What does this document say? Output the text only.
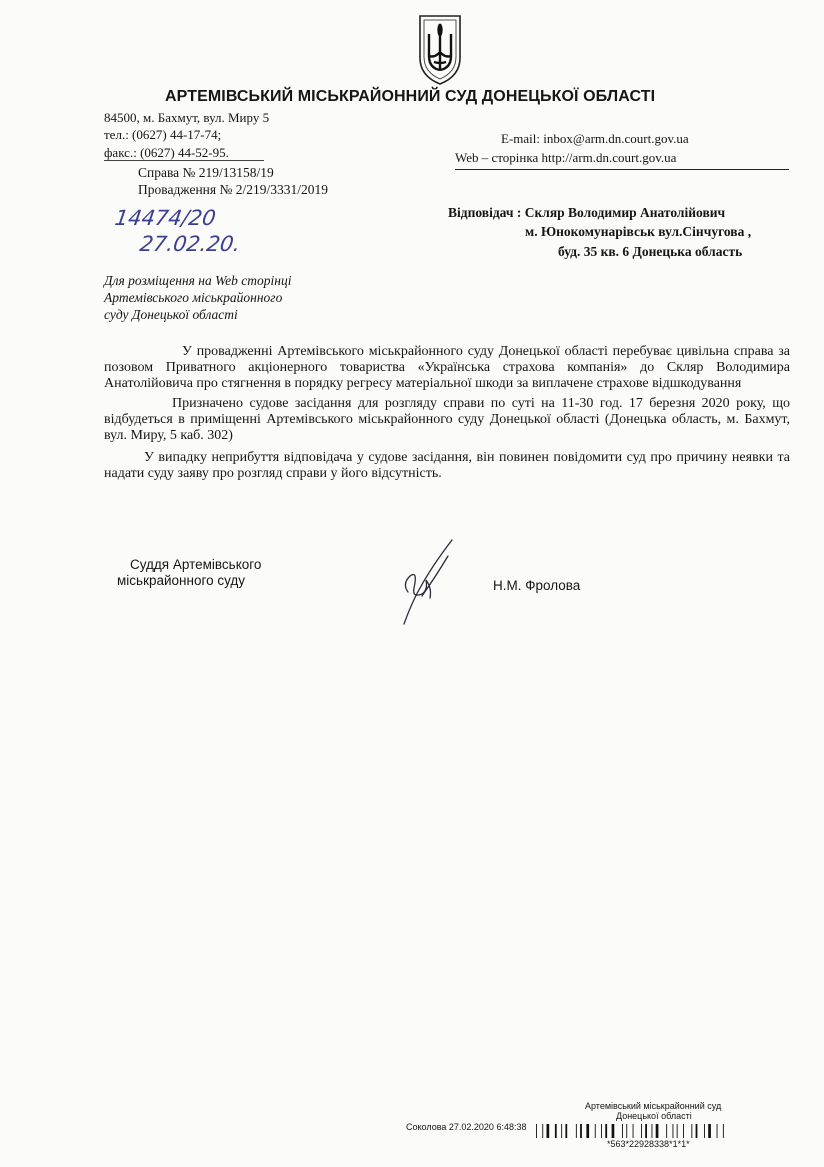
АРТЕМІВСЬКИЙ МІСЬКРАЙОННИЙ СУД ДОНЕЦЬКОЇ ОБЛАСТІ
84500, м. Бахмут, вул. Миру 5
тел.: (0627) 44-17-74;
факс.: (0627) 44-52-95.
E-mail: inbox@arm.dn.court.gov.ua
Web – сторінка http://arm.dn.court.gov.ua
Справа № 219/13158/19
Провадження № 2/219/3331/2019
14474/20
27.02.20.
Для розміщення на Web сторінці
Артемівського міськрайонного
суду Донецької області
Відповідач : Скляр Володимир Анатолійович
м. Юнокомунарівськ вул.Сінчугова ,
буд. 35 кв. 6 Донецька область

У провадженні Артемівського міськрайонного суду Донецької області перебуває цивільна справа за позовом Приватного акціонерного товариства «Українська страхова компанія» до Скляр Володимира Анатолійовича про стягнення в порядку регресу матеріальної шкоди за виплачене страхове відшкодування

Призначено судове засідання для розгляду справи по суті на 11-30 год. 17 березня 2020 року, що відбудеться в приміщенні Артемівського міськрайонного суду Донецької області (Донецька область, м. Бахмут, вул. Миру, 5 каб. 302)

У випадку неприбуття відповідача у судове засідання, він повинен повідомити суд про причину неявки та надати суду заяву про розгляд справи у його відсутність.

Суддя Артемівського
міськрайонного суду	Н.М. Фролова
Артемівський міськрайонний суд
Донецької області
Соколова 27.02.2020 6:48:38
*563*22928338*1*1*
